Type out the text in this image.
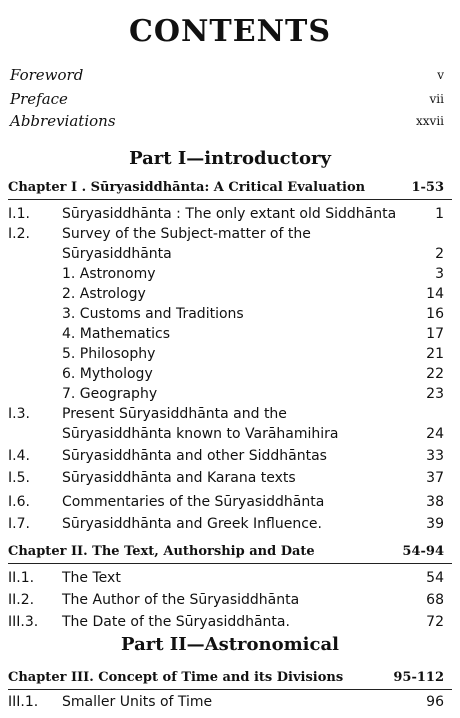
CONTENTS
Foreword	v
Preface	vii
Abbreviations	xxvii
Part I—introductory
Chapter I . Sūryasiddhānta: A Critical Evaluation	1-53
I.1. Sūryasiddhānta : The only extant old Siddhānta	1
I.2. Survey of the Subject-matter of the
Sūryasiddhānta	2
1. Astronomy	3
2. Astrology	14
3. Customs and Traditions	16
4. Mathematics	17
5. Philosophy	21
6. Mythology	22
7. Geography	23
I.3. Present Sūryasiddhānta and the
Sūryasiddhānta known to Varāhamihira	24
I.4. Sūryasiddhānta and other Siddhāntas	33
I.5. Sūryasiddhānta and Karana texts	37
I.6. Commentaries of the Sūryasiddhānta	38
I.7. Sūryasiddhānta and Greek Influence.	39
Chapter II. The Text, Authorship and Date	54-94
II.1. The Text	54
II.2. The Author of the Sūryasiddhānta	68
III.3. The Date of the Sūryasiddhānta.	72
Part II—Astronomical
Chapter III. Concept of Time and its Divisions	95-112
III.1. Smaller Units of Time	96
